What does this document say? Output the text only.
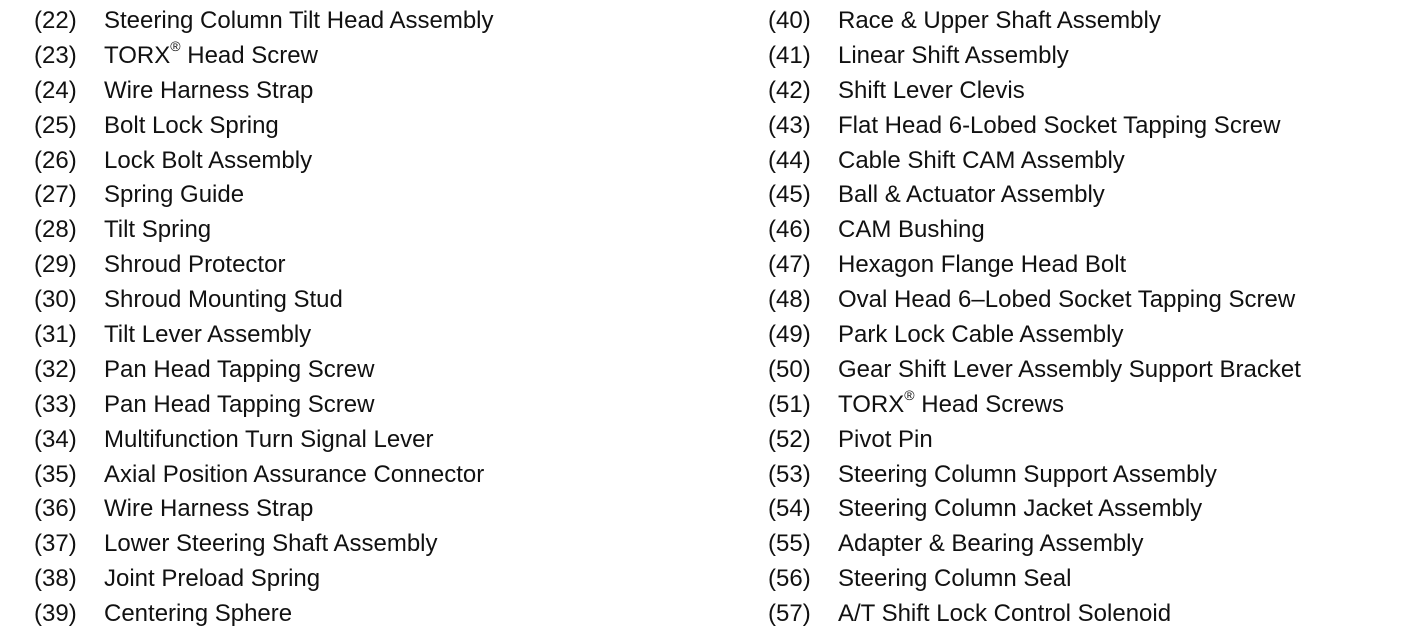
(22)	Steering Column Tilt Head Assembly
(23)	TORX® Head Screw
(24)	Wire Harness Strap
(25)	Bolt Lock Spring
(26)	Lock Bolt Assembly
(27)	Spring Guide
(28)	Tilt Spring
(29)	Shroud Protector
(30)	Shroud Mounting Stud
(31)	Tilt Lever Assembly
(32)	Pan Head Tapping Screw
(33)	Pan Head Tapping Screw
(34)	Multifunction Turn Signal Lever
(35)	Axial Position Assurance Connector
(36)	Wire Harness Strap
(37)	Lower Steering Shaft Assembly
(38)	Joint Preload Spring
(39)	Centering Sphere
(40)	Race & Upper Shaft Assembly
(41)	Linear Shift Assembly
(42)	Shift Lever Clevis
(43)	Flat Head 6-Lobed Socket Tapping Screw
(44)	Cable Shift CAM Assembly
(45)	Ball & Actuator Assembly
(46)	CAM Bushing
(47)	Hexagon Flange Head Bolt
(48)	Oval Head 6–Lobed Socket Tapping Screw
(49)	Park Lock Cable Assembly
(50)	Gear Shift Lever Assembly Support Bracket
(51)	TORX® Head Screws
(52)	Pivot Pin
(53)	Steering Column Support Assembly
(54)	Steering Column Jacket Assembly
(55)	Adapter & Bearing Assembly
(56)	Steering Column Seal
(57)	A/T Shift Lock Control Solenoid
